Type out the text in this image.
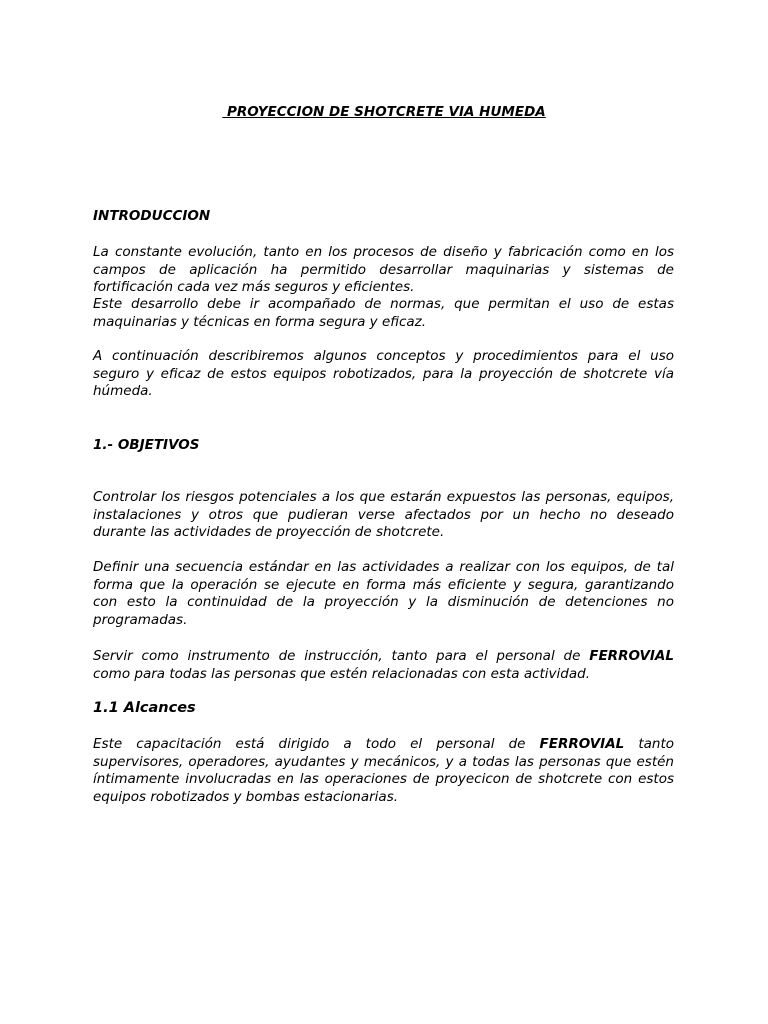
PROYECCION DE SHOTCRETE VIA HUMEDA
INTRODUCCION

La constante evolución, tanto en los procesos de diseño y fabricación como en los
campos de aplicación ha permitido desarrollar maquinarias y sistemas de
fortificación cada vez más seguros y eficientes.

Este desarrollo debe ir acompañado de normas, que permitan el uso de estas
maquinarias y técnicas en forma segura y eficaz.

A continuación describiremos algunos conceptos y procedimientos para el uso
seguro y eficaz de estos equipos robotizados, para la proyección de shotcrete vía
húmeda.

1.- OBJETIVOS

Controlar los riesgos potenciales a los que estarán expuestos las personas, equipos,
instalaciones y otros que pudieran verse afectados por un hecho no deseado
durante las actividades de proyección de shotcrete.

Definir una secuencia estándar en las actividades a realizar con los equipos, de tal
forma que la operación se ejecute en forma más eficiente y segura, garantizando
con esto la continuidad de la proyección y la disminución de detenciones no
programadas.

Servir como instrumento de instrucción, tanto para el personal de FERROVIAL
como para todas las personas que estén relacionadas con esta actividad.

1.1 Alcances

Este capacitación está dirigido a todo el personal de FERROVIAL tanto
supervisores, operadores, ayudantes y mecánicos, y a todas las personas que estén
íntimamente involucradas en las operaciones de proyecicon de shotcrete con estos
equipos robotizados y bombas estacionarias.
